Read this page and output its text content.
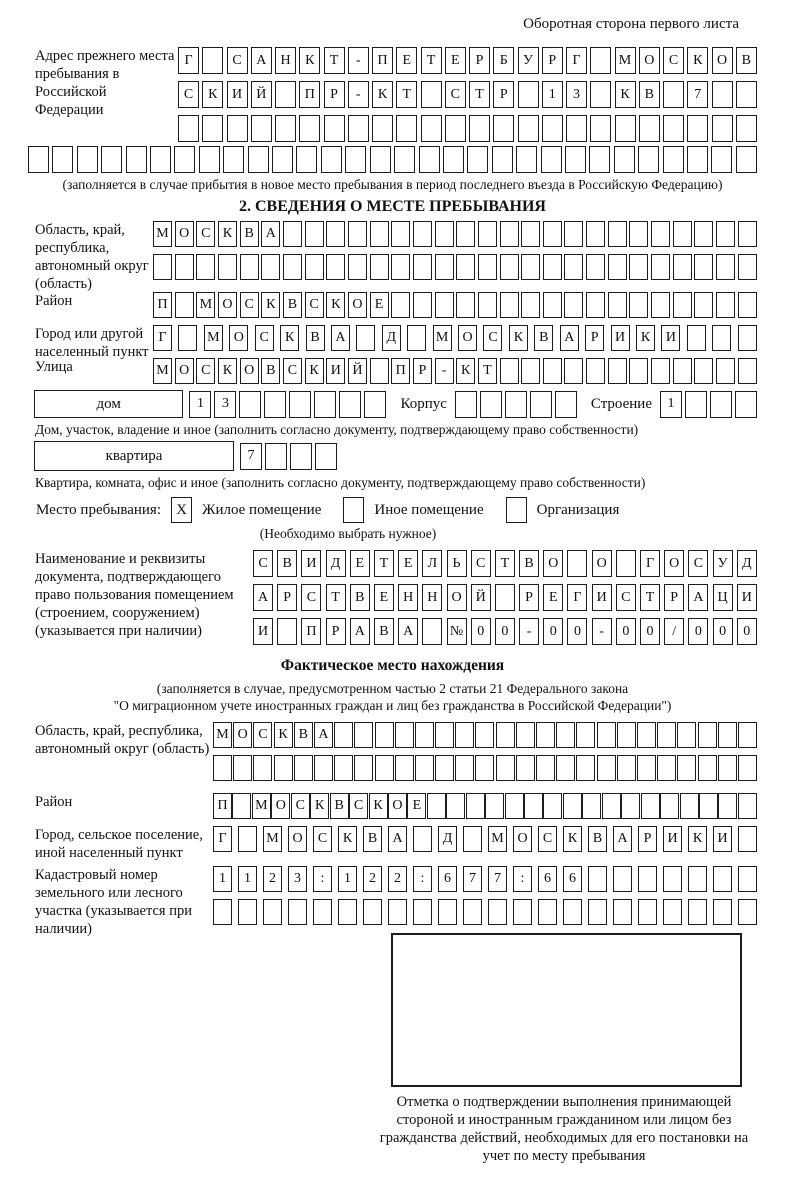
Оборотная сторона первого листа
Адрес прежнего места пребывания в Российской Федерации
Г	С	А	Н	К	Т	-	П	Е	Т	Е	Р	Б	У	Р	Г	М О	С	К	О	В
С	К	И	Й	П	Р	-	К	Т	С	Т	Р	1	3	К	В	7
(заполняется в случае прибытия в новое место пребывания в период последнего въезда в Российскую Федерацию)
2. СВЕДЕНИЯ О МЕСТЕ ПРЕБЫВАНИЯ
Область, край, республика, автономный округ (область)
М О С К В А
Район	П	М О С К В С К О Е
Город или другой населенный пункт
Г	М	О	С	К	В	А	Д	М	О	С	К	В	А	Р	И	К	И
Улица	М О С К О В С К И Й	П Р	-	К Т
дом	1	3	Корпус	Строение	1
Дом, участок, владение и иное (заполнить согласно документу, подтверждающему право собственности)
квартира	7
Квартира, комната, офис и иное (заполнить согласно документу, подтверждающему право собственности)
Место пребывания:	X	Жилое помещение	Иное помещение	Организация
(Необходимо выбрать нужное)
Наименование и реквизиты документа, подтверждающего право пользования помещением (строением, сооружением) (указывается при наличии)
С	В	И	Д	Е	Т	Е	Л	Ь	С	Т	В	О	О	Г	О	С	У	Д
А	Р	С	Т	В	Е	Н	Н	О	Й	Р	Е	Г	И	С	Т	Р	А	Ц	И
И	П	Р	А	В	А	№	0	0	-	0	0	-	0	0	/	0	0	0
Фактическое место нахождения
(заполняется в случае, предусмотренном частью 2 статьи 21 Федерального закона
"О миграционном учете иностранных граждан и лиц без гражданства в Российской Федерации")
Область, край, республика, автономный округ (область)
М О С К В А
Район	П	М О С К В С К О Е
Город, сельское поселение, иной населенный пункт
Г	М О	С	К	В	А	Д	М О	С	К	В	А	Р	И	К	И
Кадастровый номер земельного или лесного участка (указывается при наличии)
1	1	2	3	:	1	2	2	:	6	7	7	:	6	6
Отметка о подтверждении выполнения принимающей стороной и иностранным гражданином или лицом без гражданства действий, необходимых для его постановки на учет по месту пребывания
